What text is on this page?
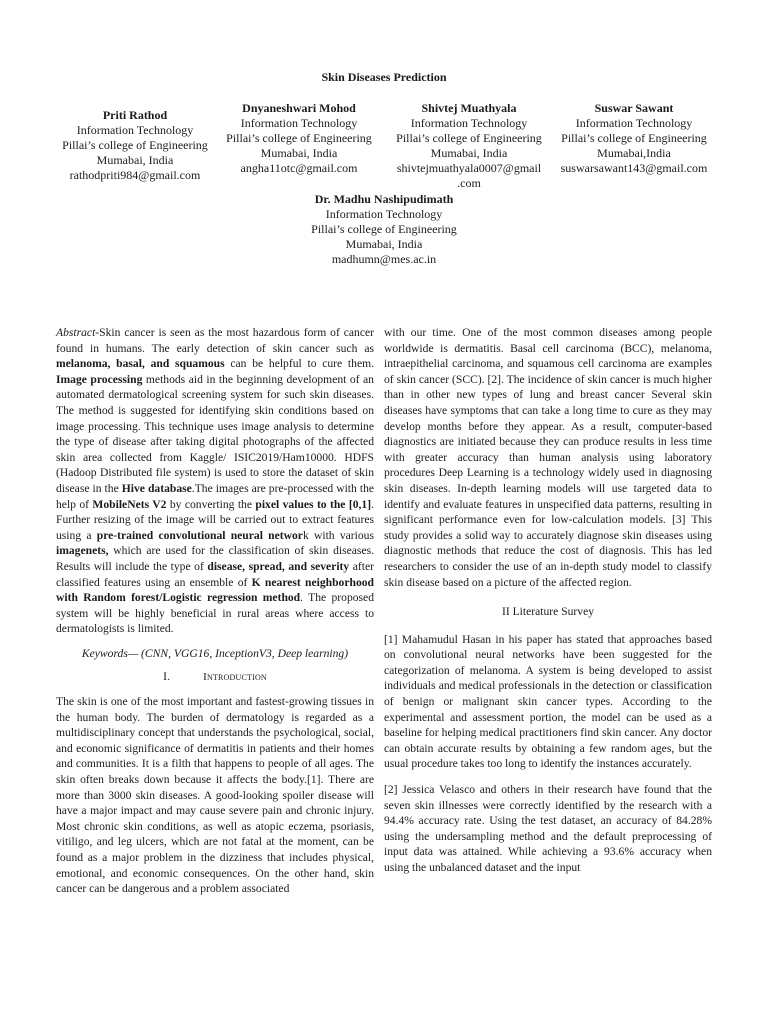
Skin Diseases Prediction
Priti Rathod
Information Technology
Pillai’s college of Engineering
Mumabai, India
rathodpriti984@gmail.com
Dnyaneshwari Mohod
Information Technology
Pillai’s college of Engineering
Mumabai, India
angha11otc@gmail.com
Shivtej Muathyala
Information Technology
Pillai’s college of Engineering
Mumabai, India
shivtejmuathyala0007@gmail
.com
Suswar Sawant
Information Technology
Pillai’s college of Engineering
Mumabai,India
suswarsawant143@gmail.com
Dr. Madhu Nashipudimath
Information Technology
Pillai’s college of Engineering
Mumabai, India
madhumn@mes.ac.in

Abstract-Skin cancer is seen as the most hazardous form of cancer found in humans. The early detection of skin cancer such as melanoma, basal, and squamous can be helpful to cure them. Image processing methods aid in the beginning development of an automated dermatological screening system for such skin diseases. The method is suggested for identifying skin conditions based on image processing. This technique uses image analysis to determine the type of disease after taking digital photographs of the affected skin area collected from Kaggle/ ISIC2019/Ham10000. HDFS (Hadoop Distributed file system) is used to store the dataset of skin disease in the Hive database.The images are pre-processed with the help of MobileNets V2 by converting the pixel values to the [0,1]. Further resizing of the image will be carried out to extract features using a pre-trained convolutional neural network with various imagenets, which are used for the classification of skin diseases. Results will include the type of disease, spread, and severity after classified features using an ensemble of K nearest neighborhood with Random forest/Logistic regression method. The proposed system will be highly beneficial in rural areas where access to dermatologists is limited.

Keywords— (CNN, VGG16, InceptionV3, Deep learning)

I.	Introduction

The skin is one of the most important and fastest-growing tissues in the human body. The burden of dermatology is regarded as a multidisciplinary concept that understands the psychological, social, and economic significance of dermatitis in patients and their homes and communities. It is a filth that happens to people of all ages. The skin often breaks down because it affects the body.[1]. There are more than 3000 skin diseases. A good-looking spoiler disease will have a major impact and may cause severe pain and chronic injury. Most chronic skin conditions, as well as atopic eczema, psoriasis, vitiligo, and leg ulcers, which are not fatal at the moment, can be found as a major problem in the dizziness that includes physical, emotional, and economic consequences. On the other hand, skin cancer can be dangerous and a problem associated

with our time. One of the most common diseases among people worldwide is dermatitis. Basal cell carcinoma (BCC), melanoma, intraepithelial carcinoma, and squamous cell carcinoma are examples of skin cancer (SCC). [2]. The incidence of skin cancer is much higher than in other new types of lung and breast cancer Several skin diseases have symptoms that can take a long time to cure as they may develop months before they appear. As a result, computer-based diagnostics are initiated because they can produce results in less time with greater accuracy than human analysis using laboratory procedures Deep Learning is a technology widely used in diagnosing skin diseases. In-depth learning models will use targeted data to identify and evaluate features in unspecified data patterns, resulting in significant performance even for low-calculation models. [3] This study provides a solid way to accurately diagnose skin diseases using diagnostic methods that reduce the cost of diagnosis. This has led researchers to consider the use of an in-depth study model to classify skin disease based on a picture of the affected region.

II Literature Survey

[1] Mahamudul Hasan in his paper has stated that approaches based on convolutional neural networks have been suggested for the categorization of melanoma. A system is being developed to assist individuals and medical professionals in the detection or classification of benign or malignant skin cancer types. According to the experimental and assessment portion, the model can be used as a baseline for helping medical practitioners find skin cancer. Any doctor can obtain accurate results by obtaining a few random ages, but the usual procedure takes too long to identify the instances accurately.

[2] Jessica Velasco and others in their research have found that the seven skin illnesses were correctly identified by the research with a 94.4% accuracy rate. Using the test dataset, an accuracy of 84.28% using the undersampling method and the default preprocessing of input data was attained. While achieving a 93.6% accuracy when using the unbalanced dataset and the input
